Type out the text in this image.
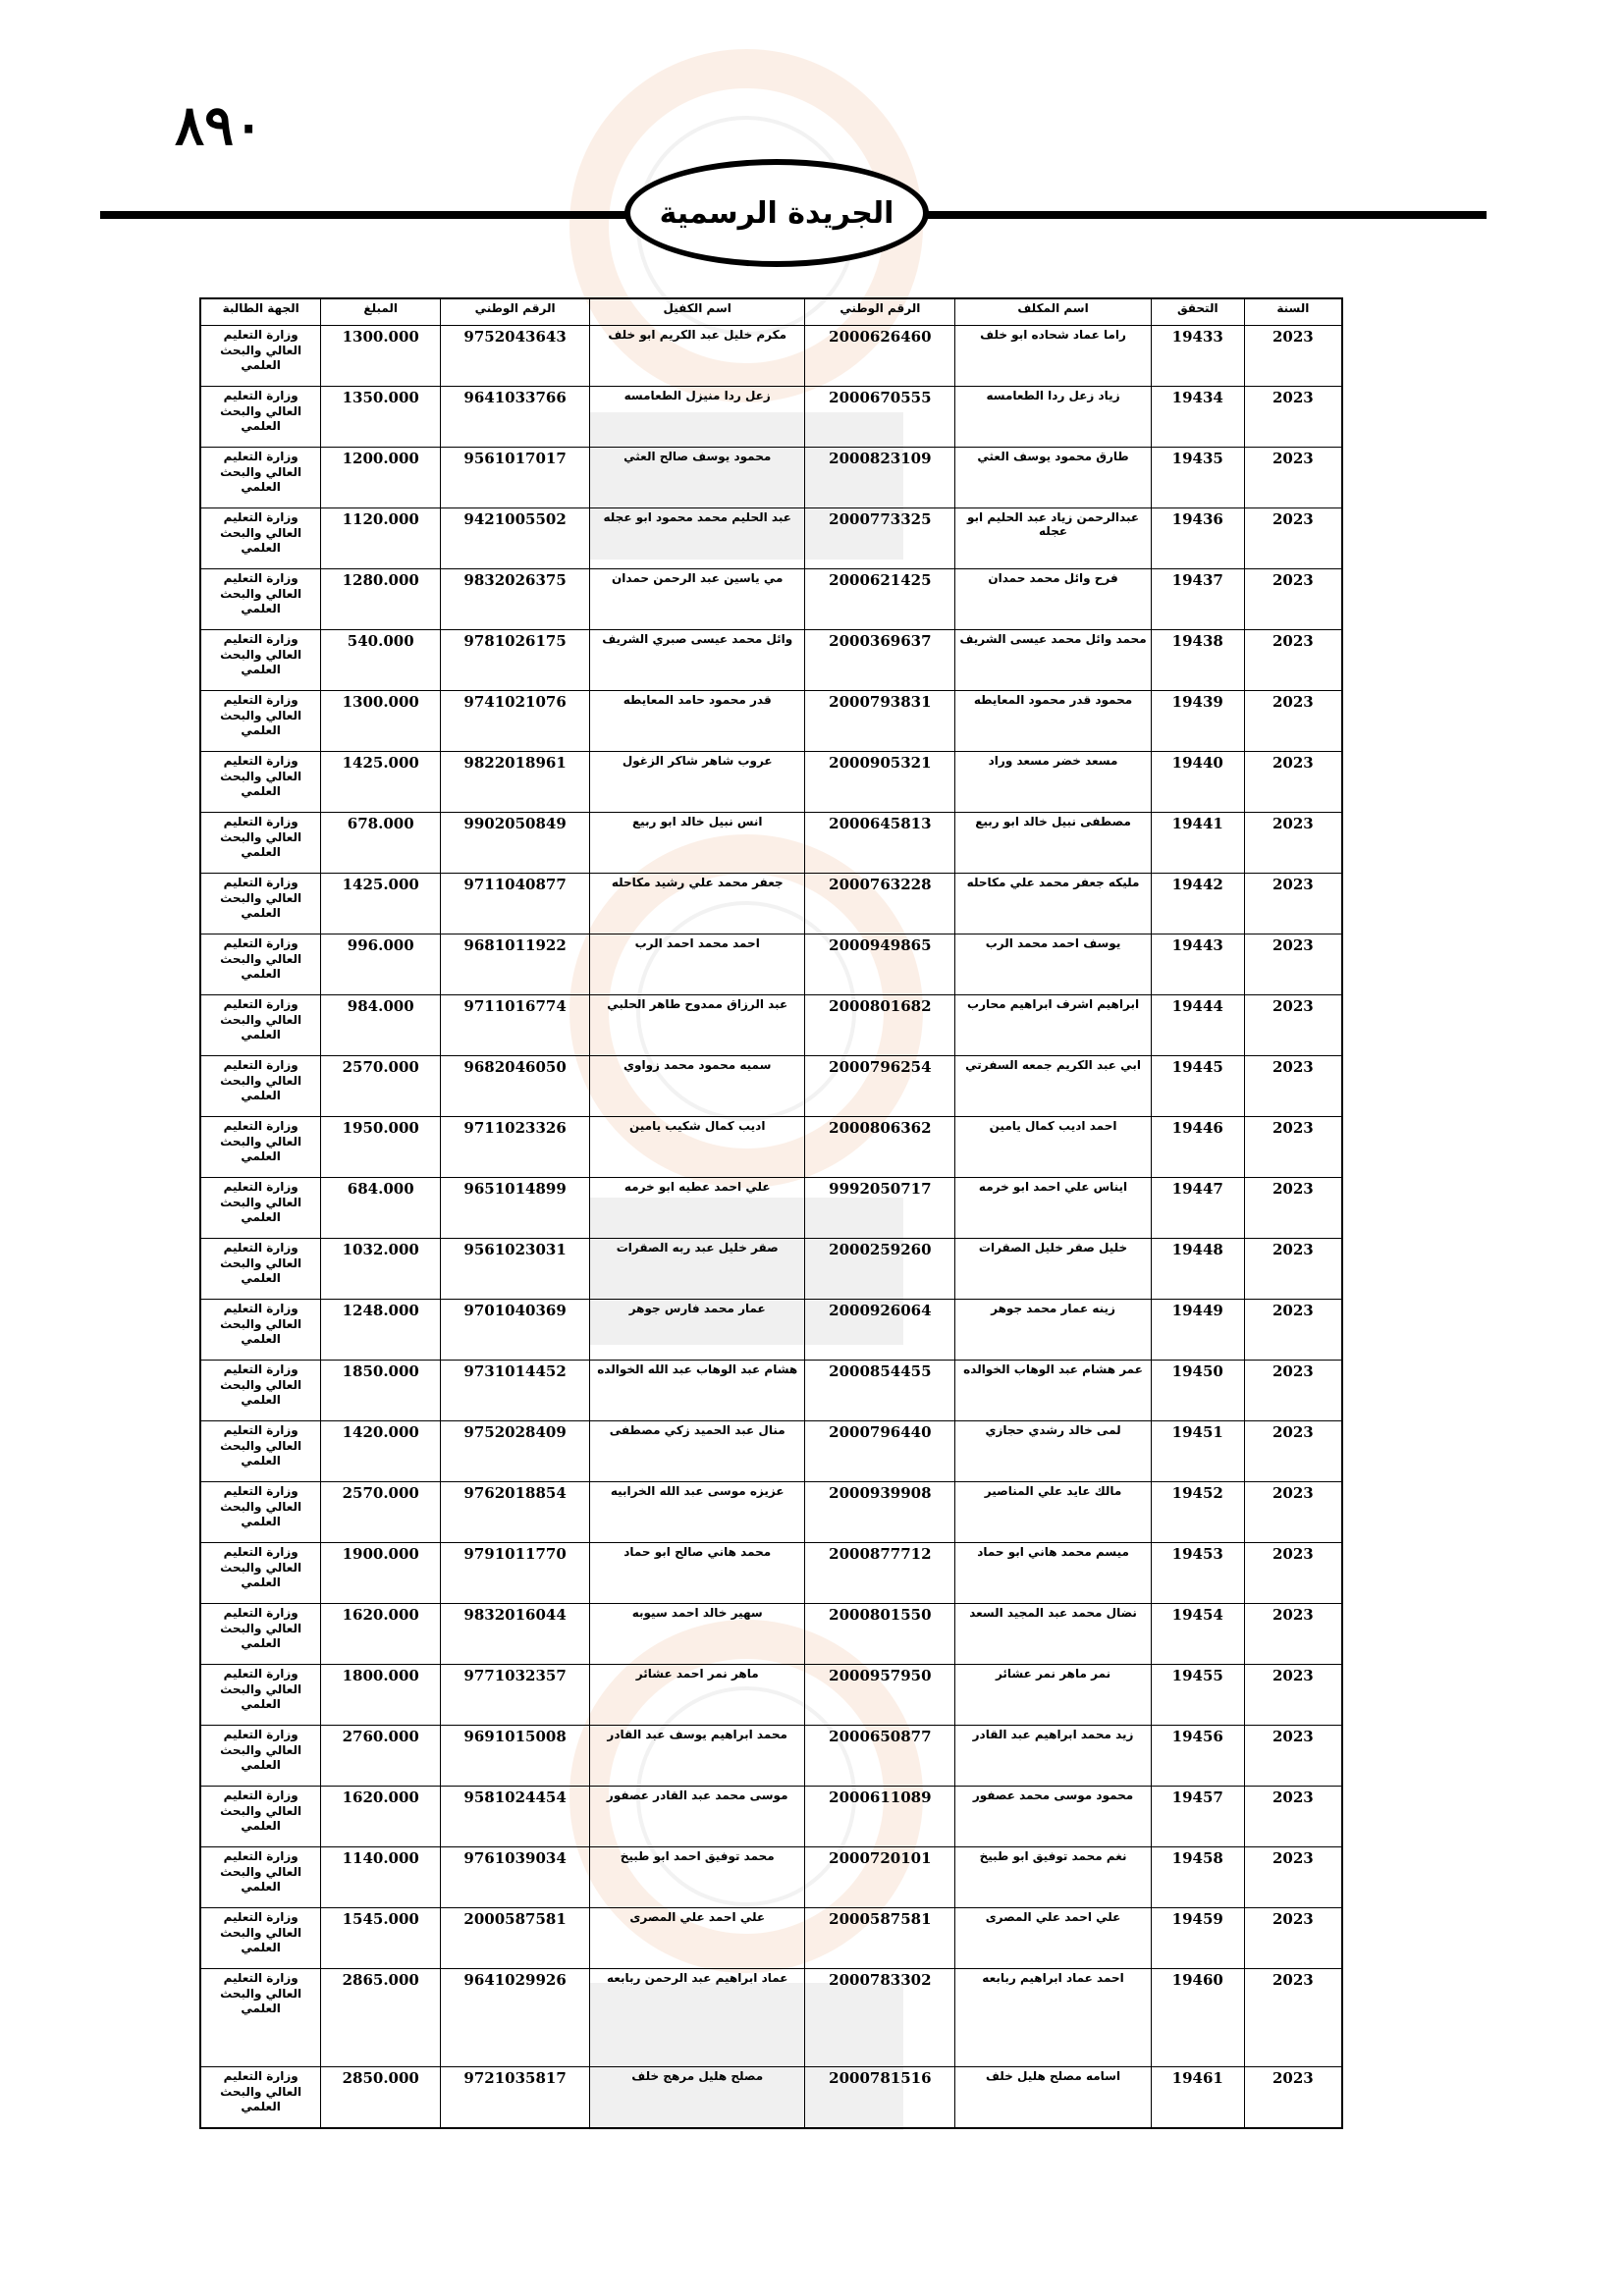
٨٩٠
الجريدة الرسمية
السنة	التحقق	اسم المكلف	الرقم الوطني	اسم الكفيل	الرقم الوطني	المبلغ	الجهة الطالبة
2023	19433	راما عماد شحاده ابو خلف	2000626460	مكرم خليل عبد الكريم ابو خلف	9752043643	1300.000	وزارة التعليم العالي والبحث العلمي
2023	19434	زياد زعل ردا الطعامسه	2000670555	زعل ردا منيزل الطعامسه	9641033766	1350.000	وزارة التعليم العالي والبحث العلمي
2023	19435	طارق محمود يوسف العثي	2000823109	محمود يوسف صالح العثي	9561017017	1200.000	وزارة التعليم العالي والبحث العلمي
2023	19436	عبدالرحمن زياد عبد الحليم ابو عجله	2000773325	عبد الحليم محمد محمود ابو عجله	9421005502	1120.000	وزارة التعليم العالي والبحث العلمي
2023	19437	فرح وائل محمد حمدان	2000621425	مي ياسين عبد الرحمن حمدان	9832026375	1280.000	وزارة التعليم العالي والبحث العلمي
2023	19438	محمد وائل محمد عيسى الشريف	2000369637	وائل محمد عيسى صبري الشريف	9781026175	540.000	وزارة التعليم العالي والبحث العلمي
2023	19439	محمود قدر محمود المعايطه	2000793831	قدر محمود حامد المعايطه	9741021076	1300.000	وزارة التعليم العالي والبحث العلمي
2023	19440	مسعد خضر مسعد وراد	2000905321	عروب شاهر شاكر الزغول	9822018961	1425.000	وزارة التعليم العالي والبحث العلمي
2023	19441	مصطفى نبيل خالد ابو ربيع	2000645813	انس نبيل خالد ابو ربيع	9902050849	678.000	وزارة التعليم العالي والبحث العلمي
2023	19442	مليكه جعفر محمد علي مكاحله	2000763228	جعفر محمد علي رشيد مكاحله	9711040877	1425.000	وزارة التعليم العالي والبحث العلمي
2023	19443	يوسف احمد محمد الرب	2000949865	احمد محمد احمد الرب	9681011922	996.000	وزارة التعليم العالي والبحث العلمي
2023	19444	ابراهيم اشرف ابراهيم محارب	2000801682	عبد الرزاق ممدوح طاهر الحلبي	9711016774	984.000	وزارة التعليم العالي والبحث العلمي
2023	19445	ابي عبد الكريم جمعه السفرتي	2000796254	سميه محمود محمد زواوي	9682046050	2570.000	وزارة التعليم العالي والبحث العلمي
2023	19446	احمد اديب كمال يامين	2000806362	اديب كمال شكيب يامين	9711023326	1950.000	وزارة التعليم العالي والبحث العلمي
2023	19447	ايناس علي احمد ابو خرمه	9992050717	علي احمد عطيه ابو خرمه	9651014899	684.000	وزارة التعليم العالي والبحث العلمي
2023	19448	خليل صقر خليل الصقرات	2000259260	صقر خليل عبد ربه الصقرات	9561023031	1032.000	وزارة التعليم العالي والبحث العلمي
2023	19449	زينه عمار محمد جوهر	2000926064	عمار محمد فارس جوهر	9701040369	1248.000	وزارة التعليم العالي والبحث العلمي
2023	19450	عمر هشام عبد الوهاب الخوالده	2000854455	هشام عبد الوهاب عبد الله الخوالده	9731014452	1850.000	وزارة التعليم العالي والبحث العلمي
2023	19451	لمى خالد رشدي حجازي	2000796440	منال عبد الحميد زكي مصطفى	9752028409	1420.000	وزارة التعليم العالي والبحث العلمي
2023	19452	مالك عايد علي المناصير	2000939908	عزيزه موسى عبد الله الخرابيه	9762018854	2570.000	وزارة التعليم العالي والبحث العلمي
2023	19453	ميسم محمد هاني ابو حماد	2000877712	محمد هاني صالح ابو حماد	9791011770	1900.000	وزارة التعليم العالي والبحث العلمي
2023	19454	نضال محمد عبد المجيد السعد	2000801550	سهير خالد احمد سيوبه	9832016044	1620.000	وزارة التعليم العالي والبحث العلمي
2023	19455	نمر ماهر نمر عشائر	2000957950	ماهر نمر احمد عشائر	9771032357	1800.000	وزارة التعليم العالي والبحث العلمي
2023	19456	زيد محمد ابراهيم عبد القادر	2000650877	محمد ابراهيم يوسف عبد القادر	9691015008	2760.000	وزارة التعليم العالي والبحث العلمي
2023	19457	محمود موسى محمد عصفور	2000611089	موسى محمد عبد القادر عصفور	9581024454	1620.000	وزارة التعليم العالي والبحث العلمي
2023	19458	نغم محمد توفيق ابو طبيخ	2000720101	محمد توفيق احمد ابو طبيخ	9761039034	1140.000	وزارة التعليم العالي والبحث العلمي
2023	19459	علي احمد علي المصرى	2000587581	علي احمد علي المصرى	2000587581	1545.000	وزارة التعليم العالي والبحث العلمي
2023	19460	احمد عماد ابراهيم ربابعه	2000783302	عماد ابراهيم عبد الرحمن ربابعه	9641029926	2865.000	وزارة التعليم العالي والبحث العلمي
2023	19461	اسامه مصلح هليل خلف	2000781516	مصلح هليل مرهج خلف	9721035817	2850.000	وزارة التعليم العالي والبحث العلمي
